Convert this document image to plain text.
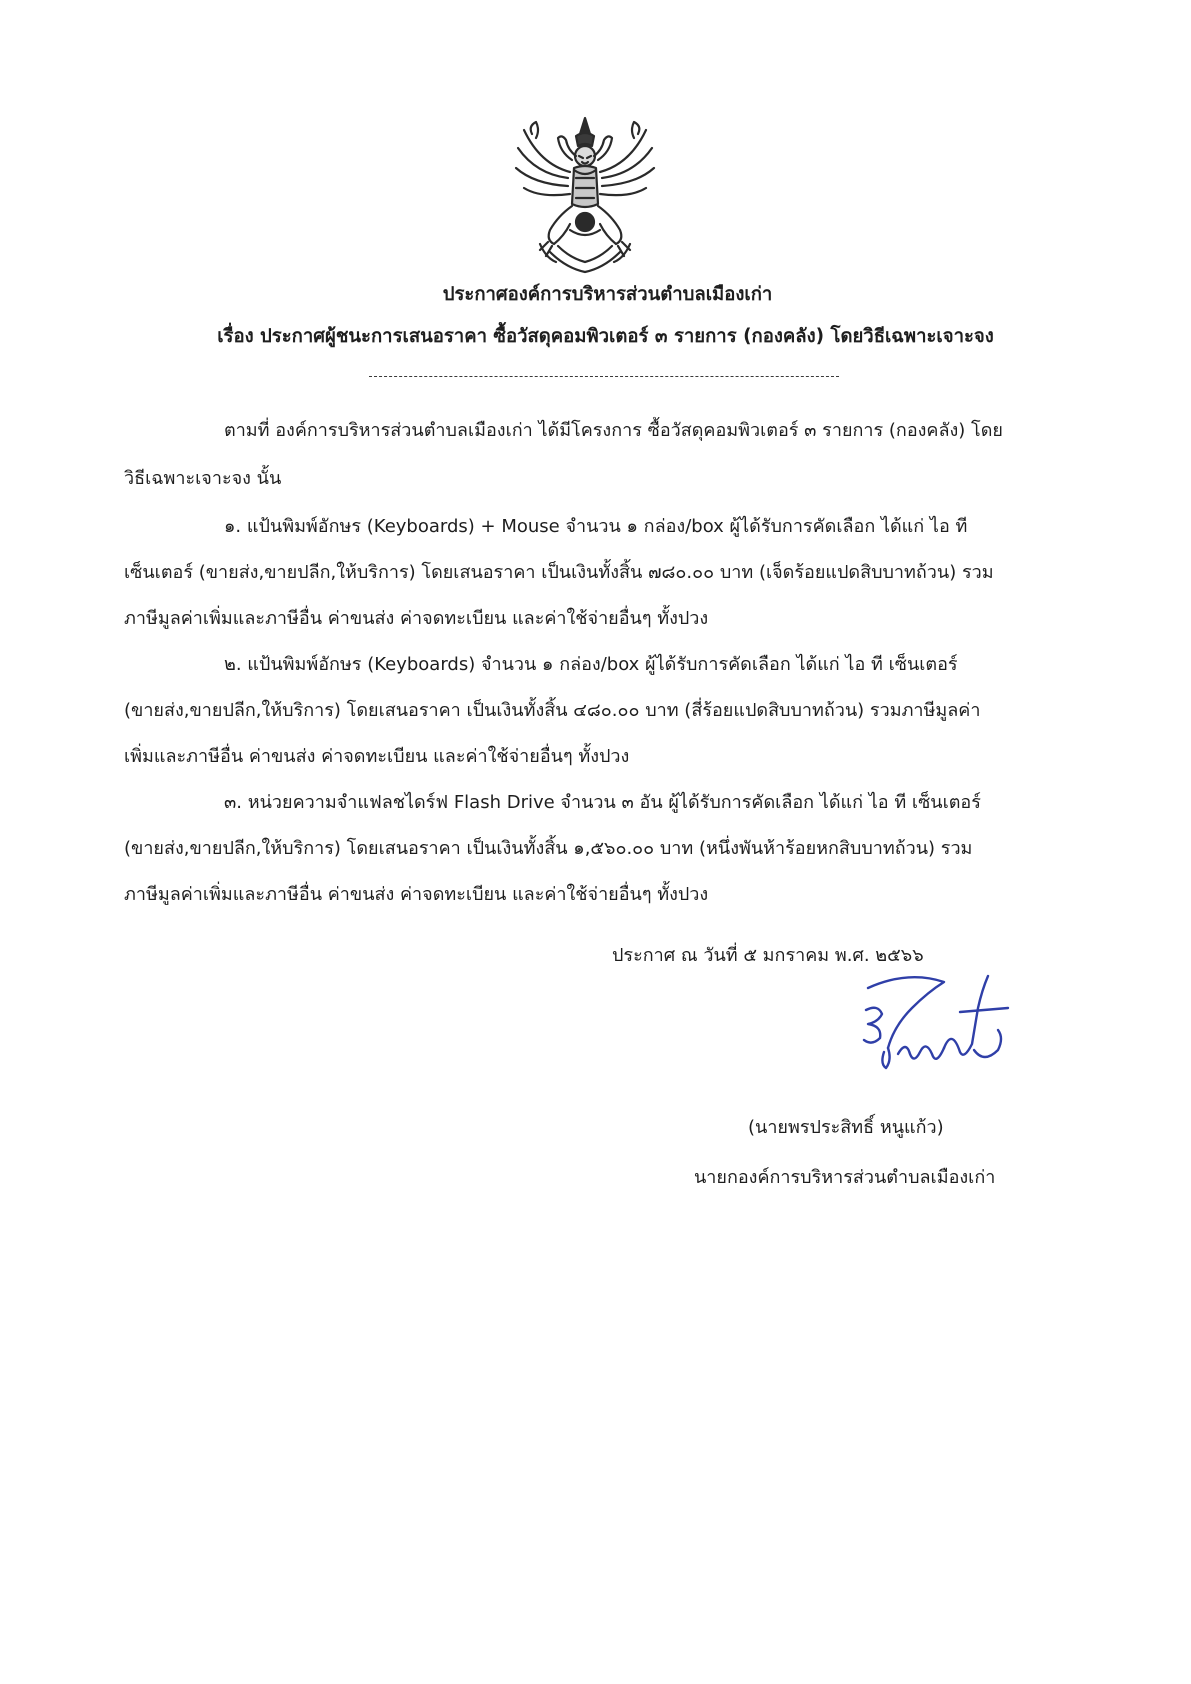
ประกาศองค์การบริหารส่วนตำบลเมืองเก่า
เรื่อง ประกาศผู้ชนะการเสนอราคา ซื้อวัสดุคอมพิวเตอร์ ๓ รายการ (กองคลัง) โดยวิธีเฉพาะเจาะจง
ตามที่ องค์การบริหารส่วนตำบลเมืองเก่า ได้มีโครงการ ซื้อวัสดุคอมพิวเตอร์ ๓ รายการ (กองคลัง) โดย
วิธีเฉพาะเจาะจง นั้น
๑. แป้นพิมพ์อักษร (Keyboards) + Mouse จำนวน ๑ กล่อง/box ผู้ได้รับการคัดเลือก ได้แก่ ไอ ที
เซ็นเตอร์ (ขายส่ง,ขายปลีก,ให้บริการ) โดยเสนอราคา เป็นเงินทั้งสิ้น ๗๘๐.๐๐ บาท (เจ็ดร้อยแปดสิบบาทถ้วน) รวม
ภาษีมูลค่าเพิ่มและภาษีอื่น ค่าขนส่ง ค่าจดทะเบียน และค่าใช้จ่ายอื่นๆ ทั้งปวง
๒. แป้นพิมพ์อักษร (Keyboards) จำนวน ๑ กล่อง/box ผู้ได้รับการคัดเลือก ได้แก่ ไอ ที เซ็นเตอร์
(ขายส่ง,ขายปลีก,ให้บริการ) โดยเสนอราคา เป็นเงินทั้งสิ้น ๔๘๐.๐๐ บาท (สี่ร้อยแปดสิบบาทถ้วน) รวมภาษีมูลค่า
เพิ่มและภาษีอื่น ค่าขนส่ง ค่าจดทะเบียน และค่าใช้จ่ายอื่นๆ ทั้งปวง
๓. หน่วยความจำแฟลชไดร์ฟ Flash Drive จำนวน ๓ อัน ผู้ได้รับการคัดเลือก ได้แก่ ไอ ที เซ็นเตอร์
(ขายส่ง,ขายปลีก,ให้บริการ) โดยเสนอราคา เป็นเงินทั้งสิ้น ๑,๕๖๐.๐๐ บาท (หนึ่งพันห้าร้อยหกสิบบาทถ้วน) รวม
ภาษีมูลค่าเพิ่มและภาษีอื่น ค่าขนส่ง ค่าจดทะเบียน และค่าใช้จ่ายอื่นๆ ทั้งปวง
ประกาศ ณ วันที่ ๕ มกราคม พ.ศ. ๒๕๖๖
(นายพรประสิทธิ์ หนูแก้ว)
นายกองค์การบริหารส่วนตำบลเมืองเก่า
